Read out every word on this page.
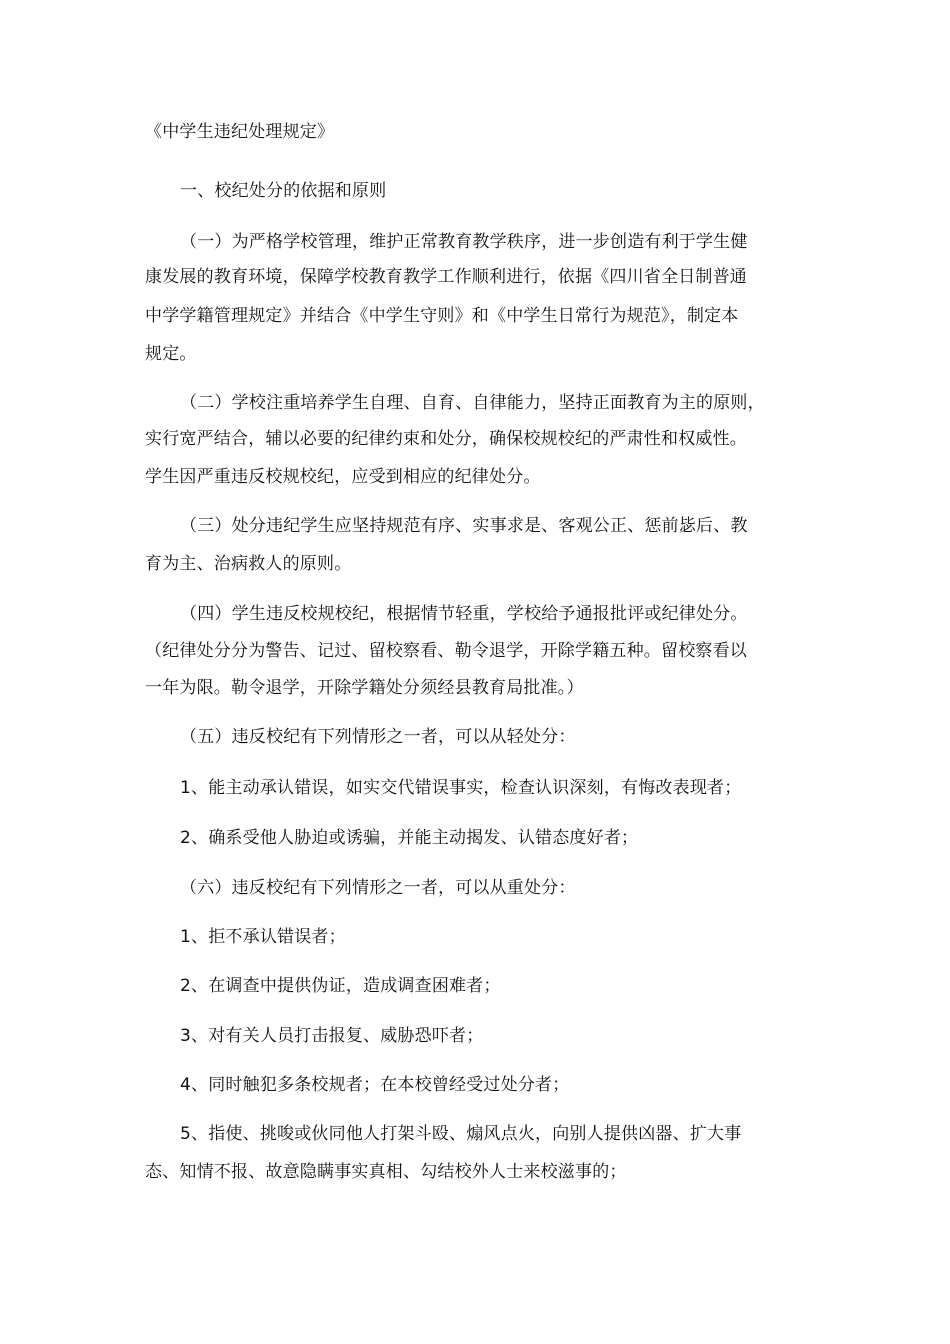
《中学生违纪处理规定》
一、校纪处分的依据和原则
（一）为严格学校管理，维护正常教育教学秩序，进一步创造有利于学生健
康发展的教育环境，保障学校教育教学工作顺利进行，依据《四川省全日制普通
中学学籍管理规定》并结合《中学生守则》和《中学生日常行为规范》，制定本
规定。
（二）学校注重培养学生自理、自育、自律能力，坚持正面教育为主的原则，
实行宽严结合，辅以必要的纪律约束和处分，确保校规校纪的严肃性和权威性。
学生因严重违反校规校纪，应受到相应的纪律处分。
（三）处分违纪学生应坚持规范有序、实事求是、客观公正、惩前毖后、教
育为主、治病救人的原则。
（四）学生违反校规校纪，根据情节轻重，学校给予通报批评或纪律处分。
（纪律处分分为警告、记过、留校察看、勒令退学，开除学籍五种。留校察看以
一年为限。勒令退学，开除学籍处分须经县教育局批准。）
（五）违反校纪有下列情形之一者，可以从轻处分：
1、能主动承认错误，如实交代错误事实，检查认识深刻，有悔改表现者；
2、确系受他人胁迫或诱骗，并能主动揭发、认错态度好者；
（六）违反校纪有下列情形之一者，可以从重处分：
1、拒不承认错误者；
2、在调查中提供伪证，造成调查困难者；
3、对有关人员打击报复、威胁恐吓者；
4、同时触犯多条校规者；在本校曾经受过处分者；
5、指使、挑唆或伙同他人打架斗殴、煽风点火，向别人提供凶器、扩大事
态、知情不报、故意隐瞒事实真相、勾结校外人士来校滋事的；
